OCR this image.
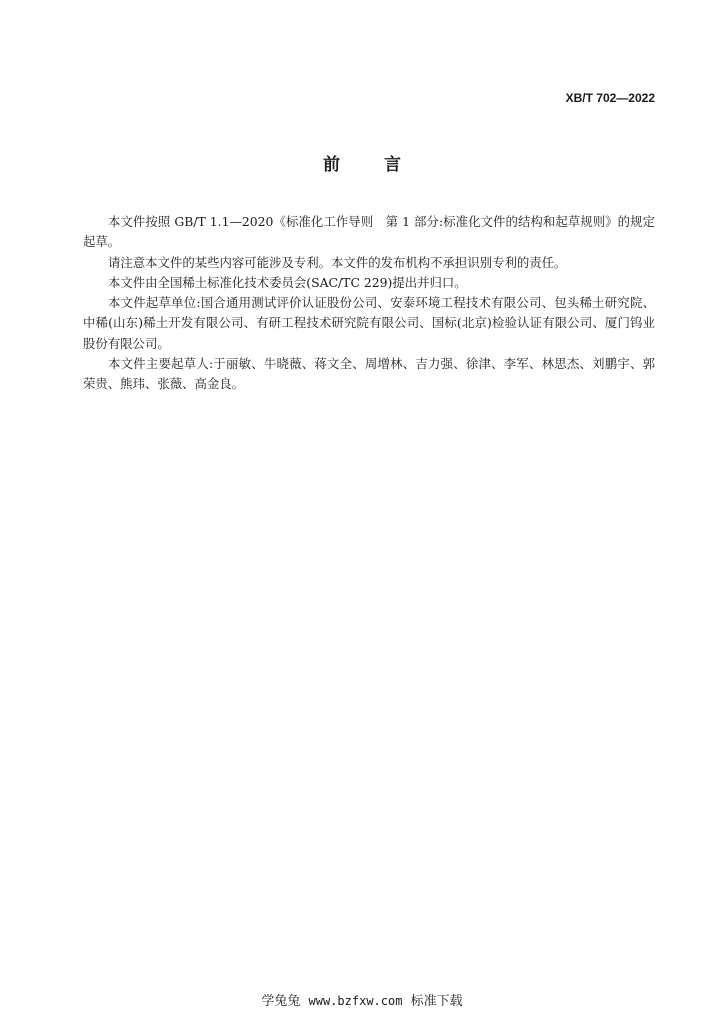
XB/T 702—2022
前言

本文件按照 GB/T 1.1—2020《标准化工作导则　第 1 部分:标准化文件的结构和起草规则》的规定起草。

请注意本文件的某些内容可能涉及专利。本文件的发布机构不承担识别专利的责任。

本文件由全国稀土标准化技术委员会(SAC/TC 229)提出并归口。

本文件起草单位:国合通用测试评价认证股份公司、安泰环境工程技术有限公司、包头稀土研究院、中稀(山东)稀土开发有限公司、有研工程技术研究院有限公司、国标(北京)检验认证有限公司、厦门钨业股份有限公司。

本文件主要起草人:于丽敏、牛晓薇、蒋文全、周增林、吉力强、徐津、李军、林思杰、刘鹏宇、郭荣贵、熊玮、张薇、高金良。

学兔兔 www.bzfxw.com 标准下载
